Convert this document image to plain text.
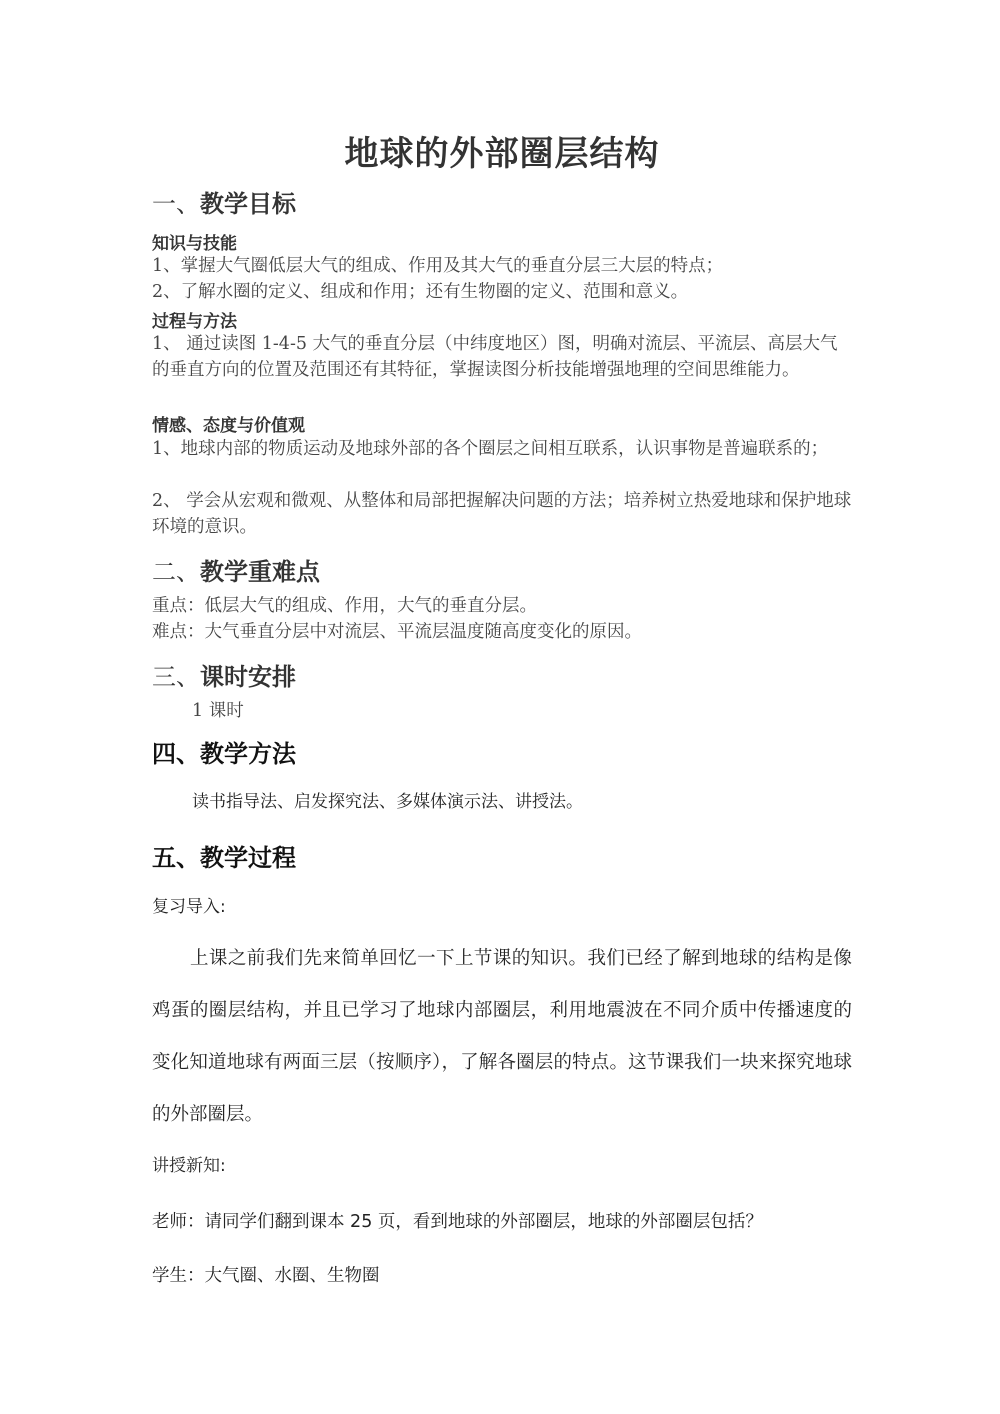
地球的外部圈层结构
一、教学目标
知识与技能
1、掌握大气圈低层大气的组成、作用及其大气的垂直分层三大层的特点；
2、了解水圈的定义、组成和作用；还有生物圈的定义、范围和意义。
过程与方法
1、 通过读图 1-4-5 大气的垂直分层（中纬度地区）图，明确对流层、平流层、高层大气的垂直方向的位置及范围还有其特征，掌握读图分析技能增强地理的空间思维能力。
情感、态度与价值观
1、地球内部的物质运动及地球外部的各个圈层之间相互联系，认识事物是普遍联系的；
2、 学会从宏观和微观、从整体和局部把握解决问题的方法；培养树立热爱地球和保护地球环境的意识。
二、教学重难点
重点：低层大气的组成、作用，大气的垂直分层。
难点：大气垂直分层中对流层、平流层温度随高度变化的原因。
三、课时安排
1 课时
四、教学方法
读书指导法、启发探究法、多媒体演示法、讲授法。
五、教学过程
复习导入:
上课之前我们先来简单回忆一下上节课的知识。我们已经了解到地球的结构是像鸡蛋的圈层结构，并且已学习了地球内部圈层，利用地震波在不同介质中传播速度的变化知道地球有两面三层（按顺序），了解各圈层的特点。这节课我们一块来探究地球的外部圈层。
讲授新知:
老师：请同学们翻到课本 25 页，看到地球的外部圈层，地球的外部圈层包括？
学生：大气圈、水圈、生物圈
